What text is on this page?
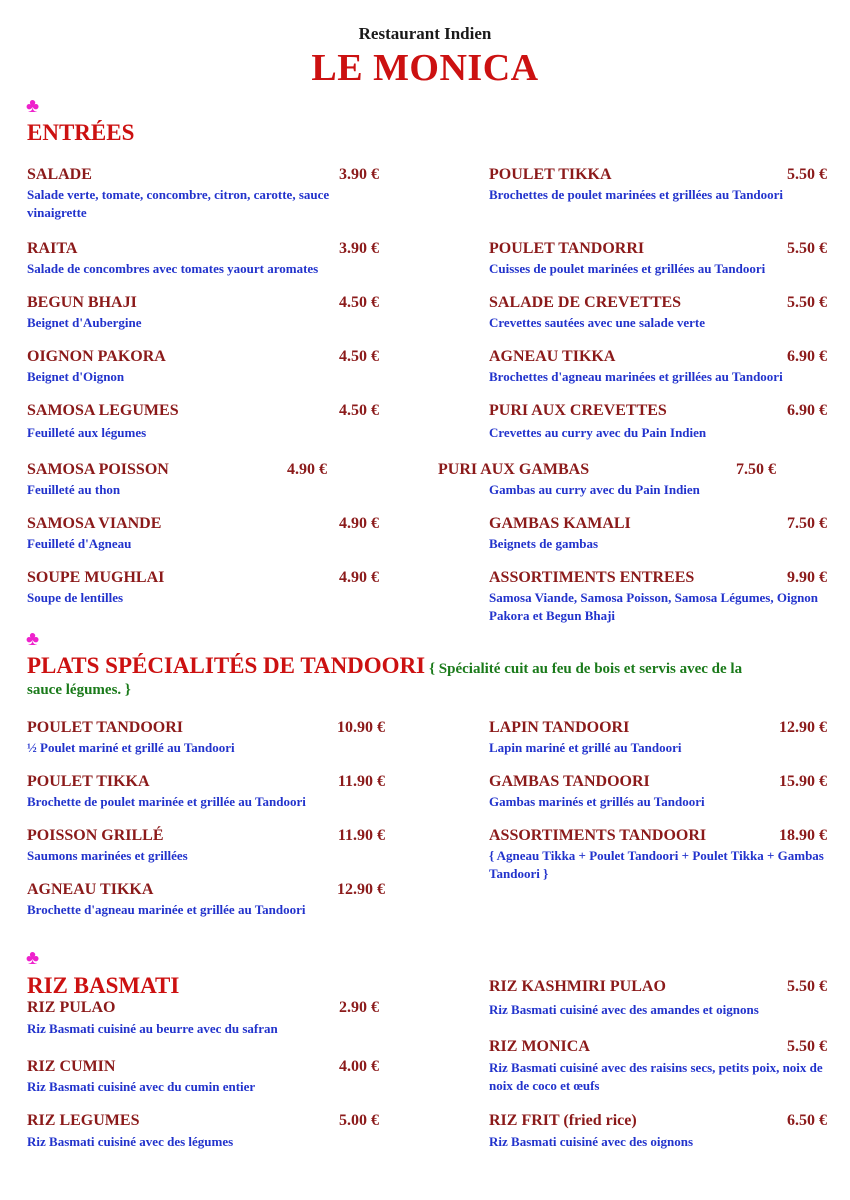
Restaurant Indien
LE MONICA
♣
ENTRÉES
SALADE	3.90 €
Salade verte, tomate, concombre, citron, carotte, sauce vinaigrette
RAITA	3.90 €
Salade de concombres avec tomates yaourt aromates
BEGUN BHAJI	4.50 €
Beignet d'Aubergine
OIGNON PAKORA	4.50 €
Beignet d'Oignon
SAMOSA LEGUMES	4.50 €
Feuilleté aux légumes
SAMOSA POISSON	4.90 €
Feuilleté au thon
SAMOSA VIANDE	4.90 €
Feuilleté d'Agneau
SOUPE MUGHLAI	4.90 €
Soupe de lentilles
POULET TIKKA	5.50 €
Brochettes de poulet marinées et grillées au Tandoori
POULET TANDORRI	5.50 €
Cuisses de poulet marinées et grillées au Tandoori
SALADE DE CREVETTES	5.50 €
Crevettes sautées avec une salade verte
AGNEAU TIKKA	6.90 €
Brochettes d'agneau marinées et grillées au Tandoori
PURI AUX CREVETTES	6.90 €
Crevettes au curry avec du Pain Indien
PURI AUX GAMBAS	7.50 €
Gambas au curry avec du Pain Indien
GAMBAS KAMALI	7.50 €
Beignets de gambas
ASSORTIMENTS ENTREES	9.90 €
Samosa Viande, Samosa Poisson, Samosa Légumes, Oignon Pakora et Begun Bhaji
♣
PLATS SPÉCIALITÉS DE TANDOORI { Spécialité cuit au feu de bois et servis avec de la
sauce légumes. }
POULET TANDOORI	10.90 €
½ Poulet mariné et grillé au Tandoori
POULET TIKKA	11.90 €
Brochette de poulet marinée et grillée au Tandoori
POISSON GRILLÉ	11.90 €
Saumons marinées et grillées
AGNEAU TIKKA	12.90 €
Brochette d'agneau marinée et grillée au Tandoori
LAPIN TANDOORI	12.90 €
Lapin mariné et grillé au Tandoori
GAMBAS TANDOORI	15.90 €
Gambas marinés et grillés au Tandoori
ASSORTIMENTS TANDOORI	18.90 €
{ Agneau Tikka + Poulet Tandoori + Poulet Tikka + Gambas Tandoori }
♣
RIZ BASMATI
RIZ PULAO	2.90 €
Riz Basmati cuisiné au beurre avec du safran
RIZ CUMIN	4.00 €
Riz Basmati cuisiné avec du cumin entier
RIZ LEGUMES	5.00 €
Riz Basmati cuisiné avec des légumes
RIZ KASHMIRI PULAO	5.50 €
Riz Basmati cuisiné avec des amandes et oignons
RIZ MONICA	5.50 €
Riz Basmati cuisiné avec des raisins secs, petits poix, noix de noix de coco et œufs
RIZ FRIT (fried rice)	6.50 €
Riz Basmati cuisiné avec des oignons
